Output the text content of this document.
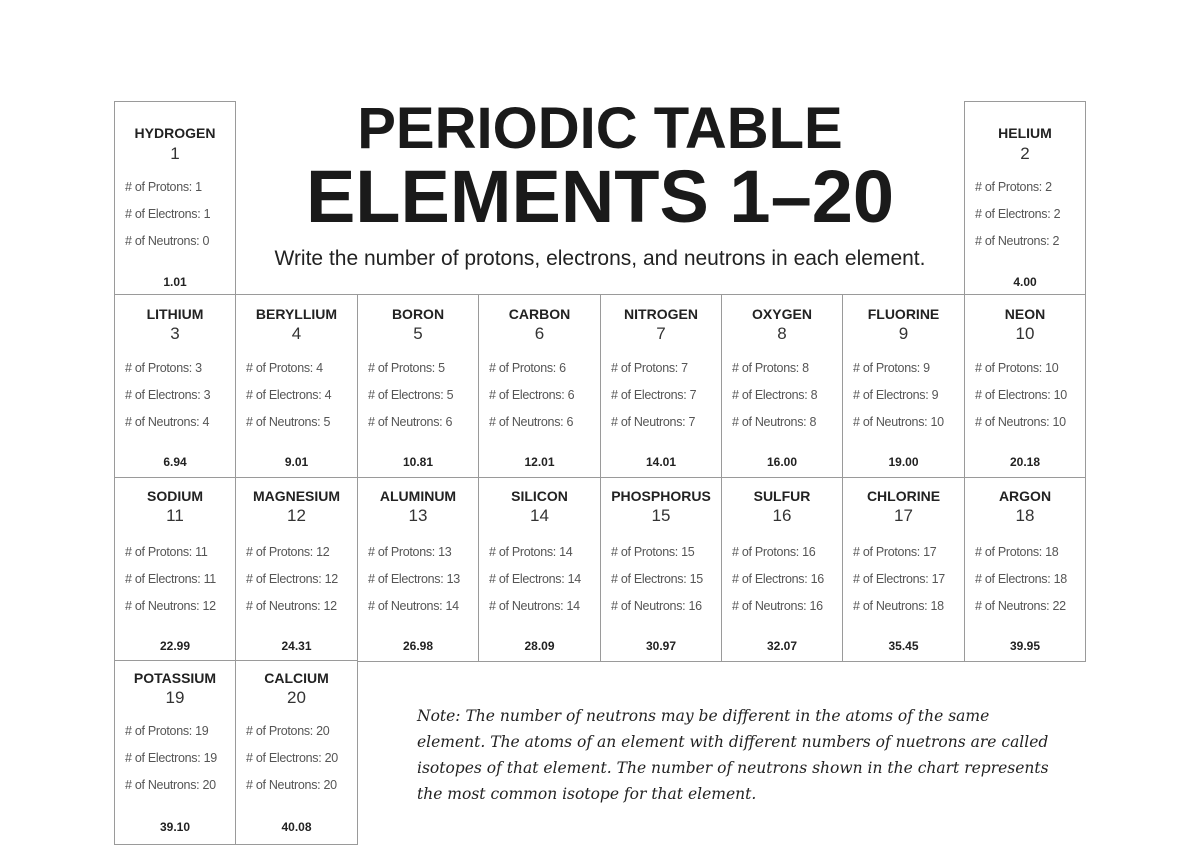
PERIODIC TABLE
ELEMENTS 1–20
Write the number of protons, electrons, and neutrons in each element.
Note: The number of neutrons may be different in the atoms of the same element. The atoms of an element with different numbers of nuetrons are called isotopes of that element. The number of neutrons shown in the chart represents the most common isotope for that element.
HYDROGEN
1
# of Protons: 1
# of Electrons: 1
# of Neutrons: 0
1.01
HELIUM
2
# of Protons: 2
# of Electrons: 2
# of Neutrons: 2
4.00
LITHIUM
3
# of Protons: 3
# of Electrons: 3
# of Neutrons: 4
6.94
BERYLLIUM
4
# of Protons: 4
# of Electrons: 4
# of Neutrons: 5
9.01
BORON
5
# of Protons: 5
# of Electrons: 5
# of Neutrons: 6
10.81
CARBON
6
# of Protons: 6
# of Electrons: 6
# of Neutrons: 6
12.01
NITROGEN
7
# of Protons: 7
# of Electrons: 7
# of Neutrons: 7
14.01
OXYGEN
8
# of Protons: 8
# of Electrons: 8
# of Neutrons: 8
16.00
FLUORINE
9
# of Protons: 9
# of Electrons: 9
# of Neutrons: 10
19.00
NEON
10
# of Protons: 10
# of Electrons: 10
# of Neutrons: 10
20.18
SODIUM
11
# of Protons: 11
# of Electrons: 11
# of Neutrons: 12
22.99
MAGNESIUM
12
# of Protons: 12
# of Electrons: 12
# of Neutrons: 12
24.31
ALUMINUM
13
# of Protons: 13
# of Electrons: 13
# of Neutrons: 14
26.98
SILICON
14
# of Protons: 14
# of Electrons: 14
# of Neutrons: 14
28.09
PHOSPHORUS
15
# of Protons: 15
# of Electrons: 15
# of Neutrons: 16
30.97
SULFUR
16
# of Protons: 16
# of Electrons: 16
# of Neutrons: 16
32.07
CHLORINE
17
# of Protons: 17
# of Electrons: 17
# of Neutrons: 18
35.45
ARGON
18
# of Protons: 18
# of Electrons: 18
# of Neutrons: 22
39.95
POTASSIUM
19
# of Protons: 19
# of Electrons: 19
# of Neutrons: 20
39.10
CALCIUM
20
# of Protons: 20
# of Electrons: 20
# of Neutrons: 20
40.08
